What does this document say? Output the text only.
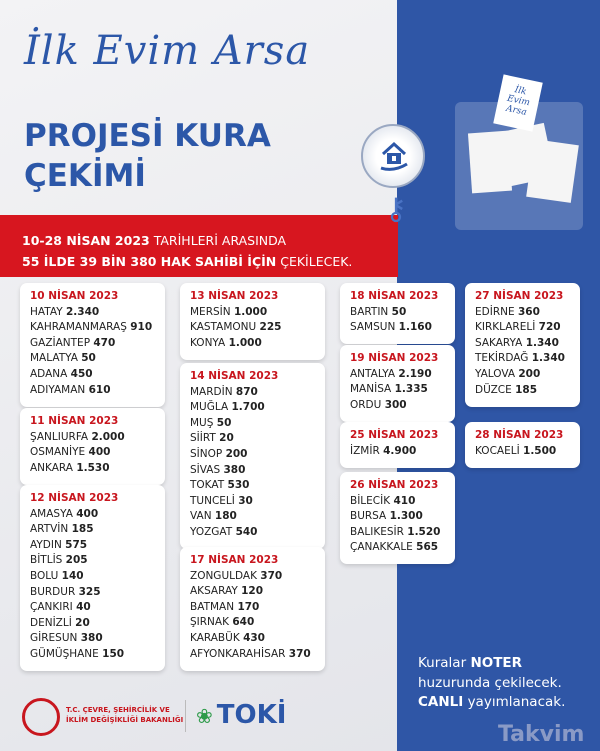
İlk Evim Arsa
PROJESİ KURA
ÇEKİMİ
İlk Evim Arsa
10-28 NİSAN 2023 TARİHLERİ ARASINDA
55 İLDE 39 BİN 380 HAK SAHİBİ İÇİN ÇEKİLECEK.
⚷
10 NİSAN 2023
HATAY 2.340
KAHRAMANMARAŞ 910
GAZİANTEP 470
MALATYA 50
ADANA 450
ADIYAMAN 610
11 NİSAN 2023
ŞANLIURFA 2.000
OSMANİYE 400
ANKARA 1.530
12 NİSAN 2023
AMASYA 400
ARTVİN 185
AYDIN 575
BİTLİS 205
BOLU 140
BURDUR 325
ÇANKIRI 40
DENİZLİ 20
GİRESUN 380
GÜMÜŞHANE 150
13 NİSAN 2023
MERSİN 1.000
KASTAMONU 225
KONYA 1.000
14 NİSAN 2023
MARDİN 870
MUĞLA 1.700
MUŞ 50
SİİRT 20
SİNOP 200
SİVAS 380
TOKAT 530
TUNCELİ 30
VAN 180
YOZGAT 540
17 NİSAN 2023
ZONGULDAK 370
AKSARAY 120
BATMAN 170
ŞIRNAK 640
KARABÜK 430
AFYONKARAHİSAR 370
18 NİSAN 2023
BARTIN 50
SAMSUN 1.160
19 NİSAN 2023
ANTALYA 2.190
MANİSA 1.335
ORDU 300
25 NİSAN 2023
İZMİR 4.900
26 NİSAN 2023
BİLECİK 410
BURSA 1.300
BALIKESİR 1.520
ÇANAKKALE 565
27 NİSAN 2023
EDİRNE 360
KIRKLARELİ 720
SAKARYA 1.340
TEKİRDAĞ 1.340
YALOVA 200
DÜZCE 185
28 NİSAN 2023
KOCAELİ 1.500
Kuralar NOTER
huzurunda çekilecek.
CANLI yayımlanacak.
T.C. ÇEVRE, ŞEHİRCİLİK VE
İKLİM DEĞİŞİKLİĞİ BAKANLIĞI ❀ TOKİ
Takvim
